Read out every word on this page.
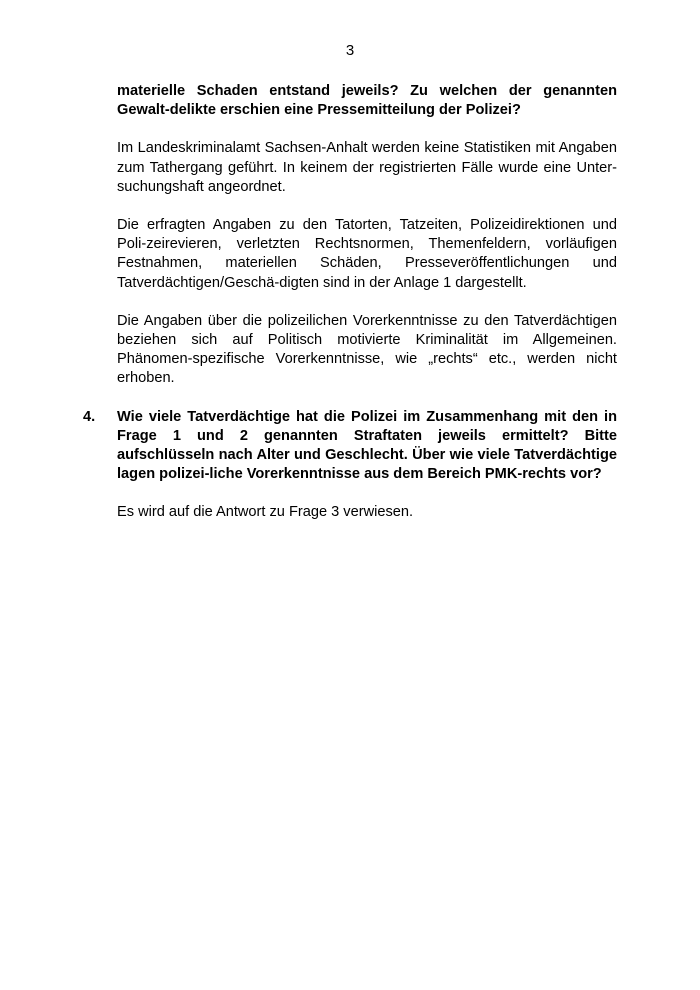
3

materielle Schaden entstand jeweils? Zu welchen der genannten Gewalt-delikte erschien eine Pressemitteilung der Polizei?

Im Landeskriminalamt Sachsen-Anhalt werden keine Statistiken mit Angaben zum Tathergang geführt. In keinem der registrierten Fälle wurde eine Unter-suchungshaft angeordnet.

Die erfragten Angaben zu den Tatorten, Tatzeiten, Polizeidirektionen und Poli-zeirevieren, verletzten Rechtsnormen, Themenfeldern, vorläufigen Festnahmen, materiellen Schäden, Presseveröffentlichungen und Tatverdächtigen/Geschä-digten sind in der Anlage 1 dargestellt.

Die Angaben über die polizeilichen Vorerkenntnisse zu den Tatverdächtigen beziehen sich auf Politisch motivierte Kriminalität im Allgemeinen. Phänomen-spezifische Vorerkenntnisse, wie „rechts“ etc., werden nicht erhoben.

4. Wie viele Tatverdächtige hat die Polizei im Zusammenhang mit den in Frage 1 und 2 genannten Straftaten jeweils ermittelt? Bitte aufschlüsseln nach Alter und Geschlecht. Über wie viele Tatverdächtige lagen polizei-liche Vorerkenntnisse aus dem Bereich PMK-rechts vor?

Es wird auf die Antwort zu Frage 3 verwiesen.
